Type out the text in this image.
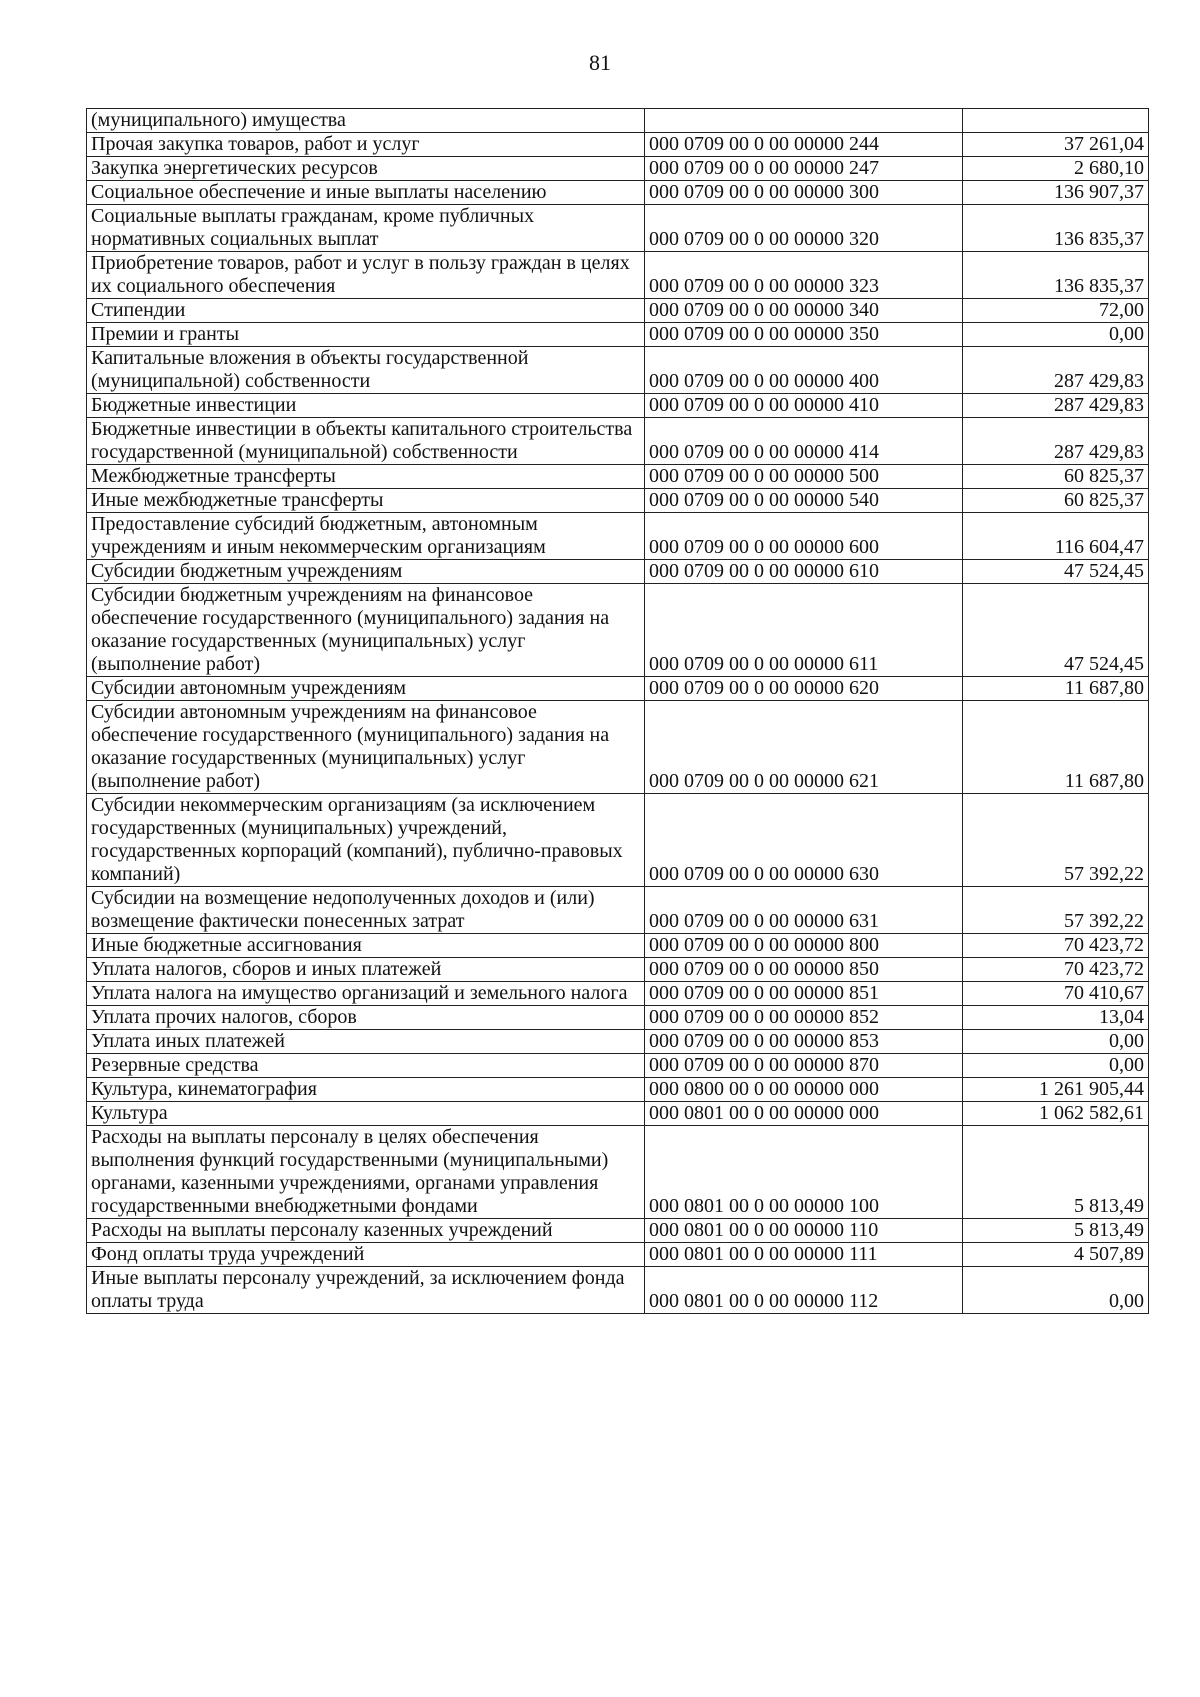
81
(муниципального) имущества		
Прочая закупка товаров, работ и услуг	000 0709 00 0 00 00000 244	37 261,04
Закупка энергетических ресурсов	000 0709 00 0 00 00000 247	2 680,10
Социальное обеспечение и иные выплаты населению	000 0709 00 0 00 00000 300	136 907,37
Социальные выплаты гражданам, кроме публичных нормативных социальных выплат	000 0709 00 0 00 00000 320	136 835,37
Приобретение товаров, работ и услуг в пользу граждан в целях их социального обеспечения	000 0709 00 0 00 00000 323	136 835,37
Стипендии	000 0709 00 0 00 00000 340	72,00
Премии и гранты	000 0709 00 0 00 00000 350	0,00
Капитальные вложения в объекты государственной (муниципальной) собственности	000 0709 00 0 00 00000 400	287 429,83
Бюджетные инвестиции	000 0709 00 0 00 00000 410	287 429,83
Бюджетные инвестиции в объекты капитального строительства государственной (муниципальной) собственности	000 0709 00 0 00 00000 414	287 429,83
Межбюджетные трансферты	000 0709 00 0 00 00000 500	60 825,37
Иные межбюджетные трансферты	000 0709 00 0 00 00000 540	60 825,37
Предоставление субсидий бюджетным, автономным учреждениям и иным некоммерческим организациям	000 0709 00 0 00 00000 600	116 604,47
Субсидии бюджетным учреждениям	000 0709 00 0 00 00000 610	47 524,45
Субсидии бюджетным учреждениям на финансовое обеспечение государственного (муниципального) задания на оказание государственных (муниципальных) услуг (выполнение работ)	000 0709 00 0 00 00000 611	47 524,45
Субсидии автономным учреждениям	000 0709 00 0 00 00000 620	11 687,80
Субсидии автономным учреждениям на финансовое обеспечение государственного (муниципального) задания на оказание государственных (муниципальных) услуг (выполнение работ)	000 0709 00 0 00 00000 621	11 687,80
Субсидии некоммерческим организациям (за исключением государственных (муниципальных) учреждений, государственных корпораций (компаний), публично-правовых компаний)	000 0709 00 0 00 00000 630	57 392,22
Субсидии на возмещение недополученных доходов и (или) возмещение фактически понесенных затрат	000 0709 00 0 00 00000 631	57 392,22
Иные бюджетные ассигнования	000 0709 00 0 00 00000 800	70 423,72
Уплата налогов, сборов и иных платежей	000 0709 00 0 00 00000 850	70 423,72
Уплата налога на имущество организаций и земельного налога	000 0709 00 0 00 00000 851	70 410,67
Уплата прочих налогов, сборов	000 0709 00 0 00 00000 852	13,04
Уплата иных платежей	000 0709 00 0 00 00000 853	0,00
Резервные средства	000 0709 00 0 00 00000 870	0,00
Культура, кинематография	000 0800 00 0 00 00000 000	1 261 905,44
Культура	000 0801 00 0 00 00000 000	1 062 582,61
Расходы на выплаты персоналу в целях обеспечения выполнения функций государственными (муниципальными) органами, казенными учреждениями, органами управления государственными внебюджетными фондами	000 0801 00 0 00 00000 100	5 813,49
Расходы на выплаты персоналу казенных учреждений	000 0801 00 0 00 00000 110	5 813,49
Фонд оплаты труда учреждений	000 0801 00 0 00 00000 111	4 507,89
Иные выплаты персоналу учреждений, за исключением фонда оплаты труда	000 0801 00 0 00 00000 112	0,00
